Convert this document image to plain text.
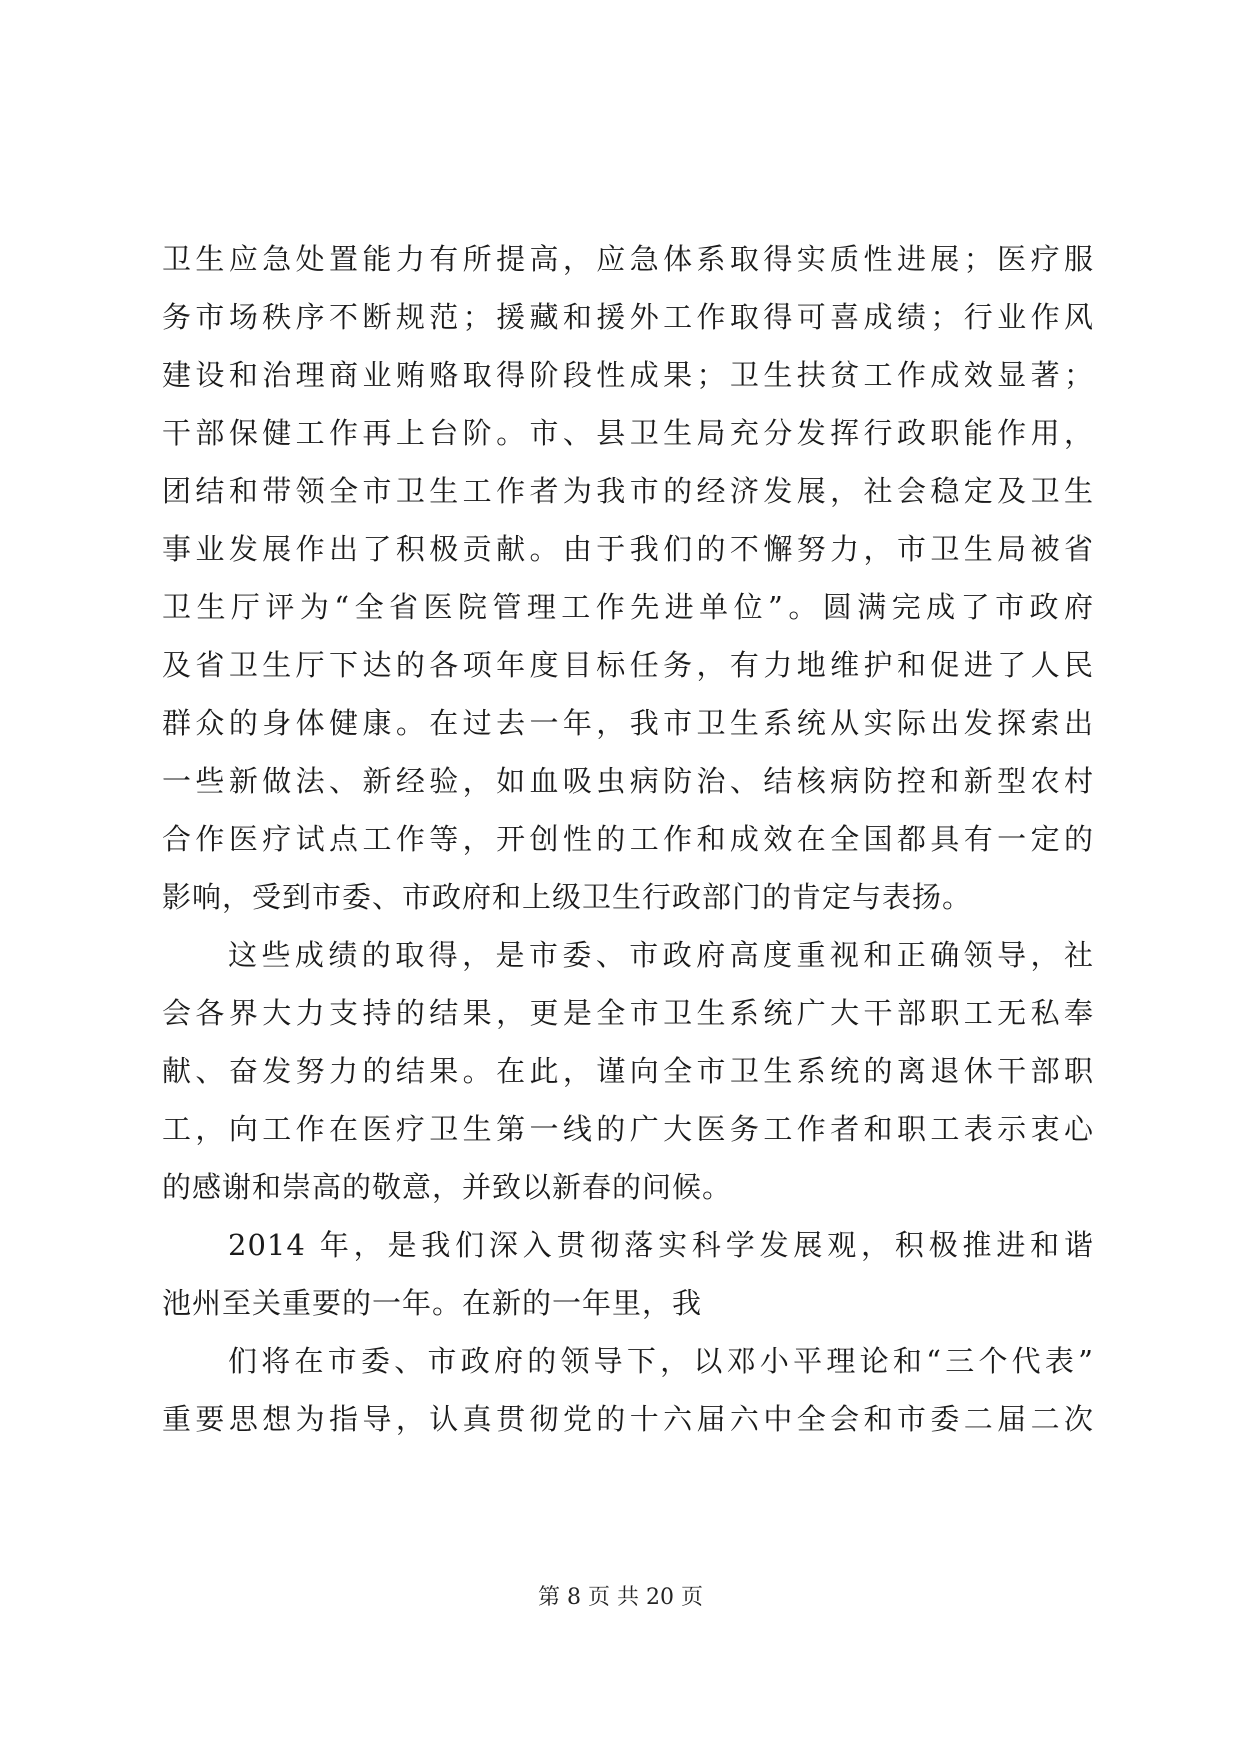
卫生应急处置能力有所提高，应急体系取得实质性进展；医疗服
务市场秩序不断规范；援藏和援外工作取得可喜成绩；行业作风
建设和治理商业贿赂取得阶段性成果；卫生扶贫工作成效显著；
干部保健工作再上台阶。市、县卫生局充分发挥行政职能作用，
团结和带领全市卫生工作者为我市的经济发展，社会稳定及卫生
事业发展作出了积极贡献。由于我们的不懈努力，市卫生局被省
卫生厅评为“全省医院管理工作先进单位”。圆满完成了市政府
及省卫生厅下达的各项年度目标任务，有力地维护和促进了人民
群众的身体健康。在过去一年，我市卫生系统从实际出发探索出
一些新做法、新经验，如血吸虫病防治、结核病防控和新型农村
合作医疗试点工作等，开创性的工作和成效在全国都具有一定的
影响，受到市委、市政府和上级卫生行政部门的肯定与表扬。
这些成绩的取得，是市委、市政府高度重视和正确领导，社
会各界大力支持的结果，更是全市卫生系统广大干部职工无私奉
献、奋发努力的结果。在此，谨向全市卫生系统的离退休干部职
工，向工作在医疗卫生第一线的广大医务工作者和职工表示衷心
的感谢和崇高的敬意，并致以新春的问候。
2014 年，是我们深入贯彻落实科学发展观，积极推进和谐
池州至关重要的一年。在新的一年里，我
们将在市委、市政府的领导下，以邓小平理论和“三个代表”
重要思想为指导，认真贯彻党的十六届六中全会和市委二届二次
第 8 页 共 20 页
